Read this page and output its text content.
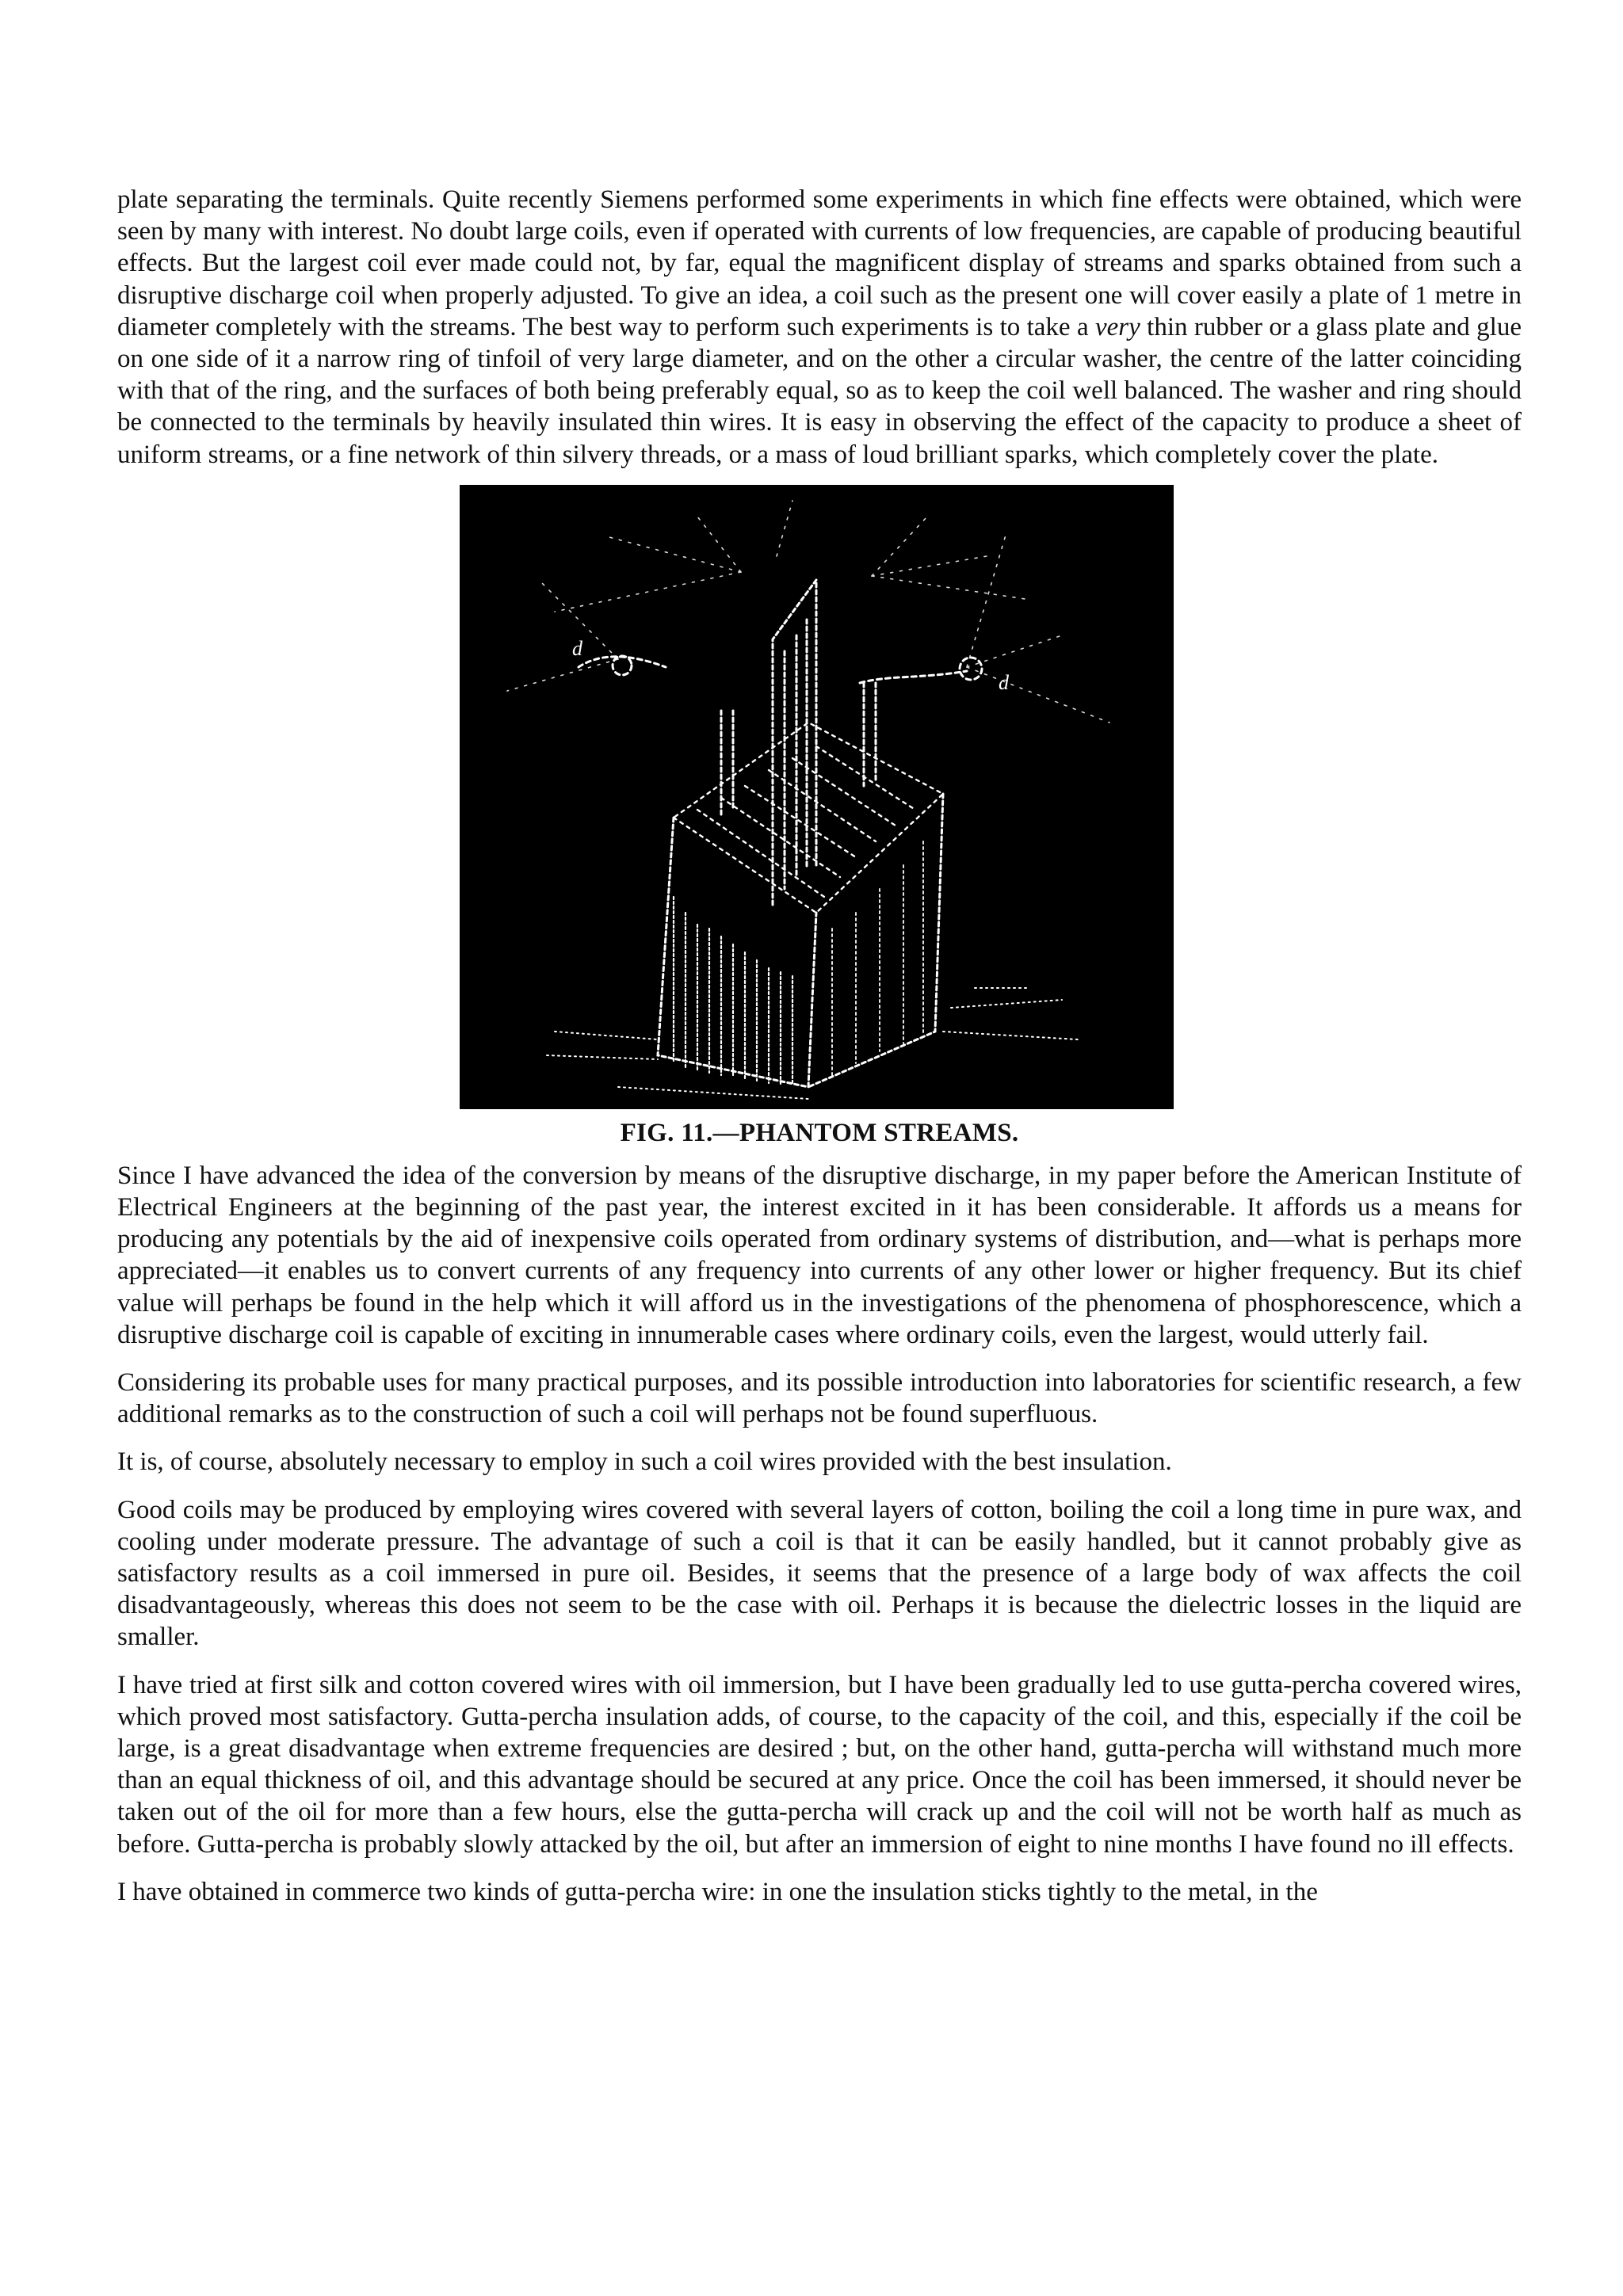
plate separating the terminals. Quite recently Siemens performed some experiments in which fine effects were obtained, which were seen by many with interest. No doubt large coils, even if operated with currents of low frequencies, are capable of producing beautiful effects. But the largest coil ever made could not, by far, equal the magnificent display of streams and sparks obtained from such a disruptive discharge coil when properly adjusted. To give an idea, a coil such as the present one will cover easily a plate of 1 metre in diameter completely with the streams. The best way to perform such experiments is to take a very thin rubber or a glass plate and glue on one side of it a narrow ring of tinfoil of very large diameter, and on the other a circular washer, the centre of the latter coinciding with that of the ring, and the surfaces of both being preferably equal, so as to keep the coil well balanced. The washer and ring should be connected to the terminals by heavily insulated thin wires. It is easy in observing the effect of the capacity to produce a sheet of uniform streams, or a fine network of thin silvery threads, or a mass of loud brilliant sparks, which completely cover the plate.

d
d
FIG. 11.—PHANTOM STREAMS.

Since I have advanced the idea of the conversion by means of the disruptive discharge, in my paper before the American Institute of Electrical Engineers at the beginning of the past year, the interest excited in it has been considerable. It affords us a means for producing any potentials by the aid of inexpensive coils operated from ordinary systems of distribution, and—what is perhaps more appreciated—it enables us to convert currents of any frequency into currents of any other lower or higher frequency. But its chief value will perhaps be found in the help which it will afford us in the investigations of the phenomena of phosphorescence, which a disruptive discharge coil is capable of exciting in innumerable cases where ordinary coils, even the largest, would utterly fail.

Considering its probable uses for many practical purposes, and its possible introduction into laboratories for scientific research, a few additional remarks as to the construction of such a coil will perhaps not be found superfluous.

It is, of course, absolutely necessary to employ in such a coil wires provided with the best insulation.

Good coils may be produced by employing wires covered with several layers of cotton, boiling the coil a long time in pure wax, and cooling under moderate pressure. The advantage of such a coil is that it can be easily handled, but it cannot probably give as satisfactory results as a coil immersed in pure oil. Besides, it seems that the presence of a large body of wax affects the coil disadvantageously, whereas this does not seem to be the case with oil. Perhaps it is because the dielectric losses in the liquid are smaller.

I have tried at first silk and cotton covered wires with oil immersion, but I have been gradually led to use gutta-percha covered wires, which proved most satisfactory. Gutta-percha insulation adds, of course, to the capacity of the coil, and this, especially if the coil be large, is a great disadvantage when extreme frequencies are desired ; but, on the other hand, gutta-percha will withstand much more than an equal thickness of oil, and this advantage should be secured at any price. Once the coil has been immersed, it should never be taken out of the oil for more than a few hours, else the gutta-percha will crack up and the coil will not be worth half as much as before. Gutta-percha is probably slowly attacked by the oil, but after an immersion of eight to nine months I have found no ill effects.

I have obtained in commerce two kinds of gutta-percha wire: in one the insulation sticks tightly to the metal, in the
